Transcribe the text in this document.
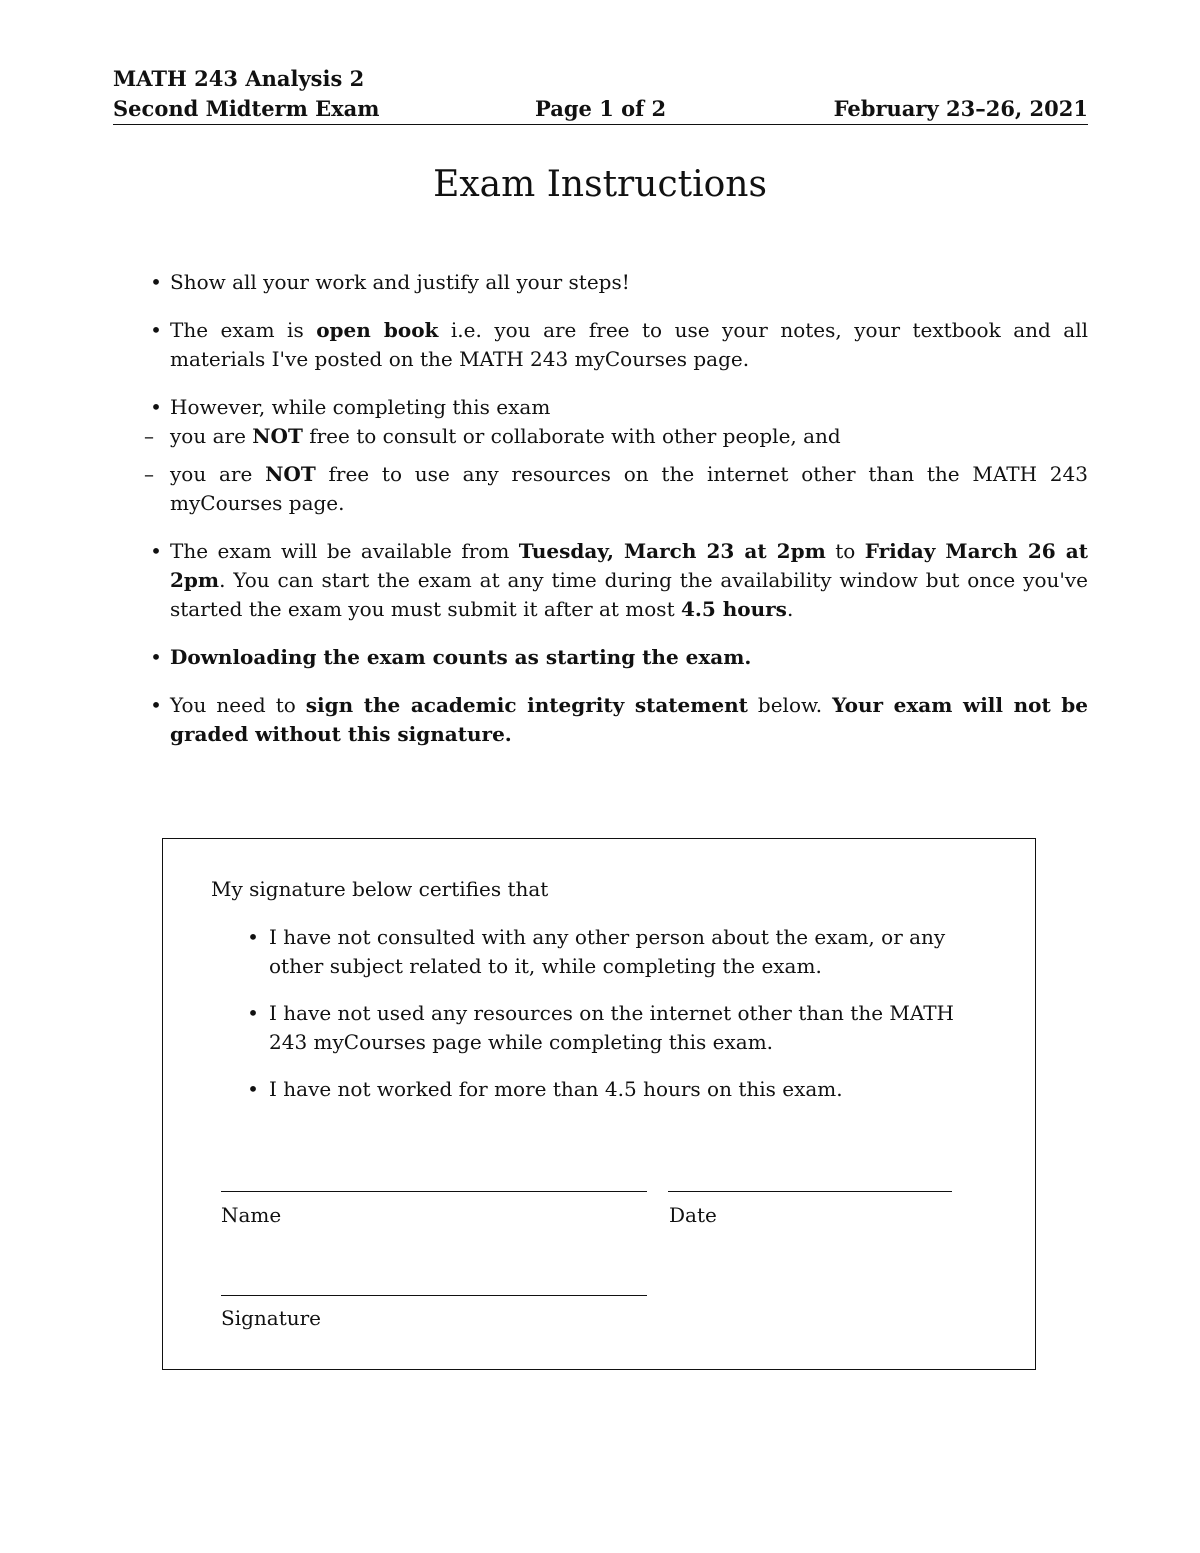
MATH 243 Analysis 2
Second Midterm Exam	Page 1 of 2	February 23–26, 2021
Exam Instructions
• Show all your work and justify all your steps!
• The exam is open book i.e. you are free to use your notes, your textbook and all materials I've posted on the MATH 243 myCourses page.
• However, while completing this exam
– you are NOT free to consult or collaborate with other people, and
– you are NOT free to use any resources on the internet other than the MATH 243 myCourses page.
• The exam will be available from Tuesday, March 23 at 2pm to Friday March 26 at 2pm. You can start the exam at any time during the availability window but once you've started the exam you must submit it after at most 4.5 hours.
• Downloading the exam counts as starting the exam.
• You need to sign the academic integrity statement below. Your exam will not be graded without this signature.
My signature below certifies that
• I have not consulted with any other person about the exam, or any other subject related to it, while completing the exam.
• I have not used any resources on the internet other than the MATH 243 myCourses page while completing this exam.
• I have not worked for more than 4.5 hours on this exam.
Name	Date
Signature
